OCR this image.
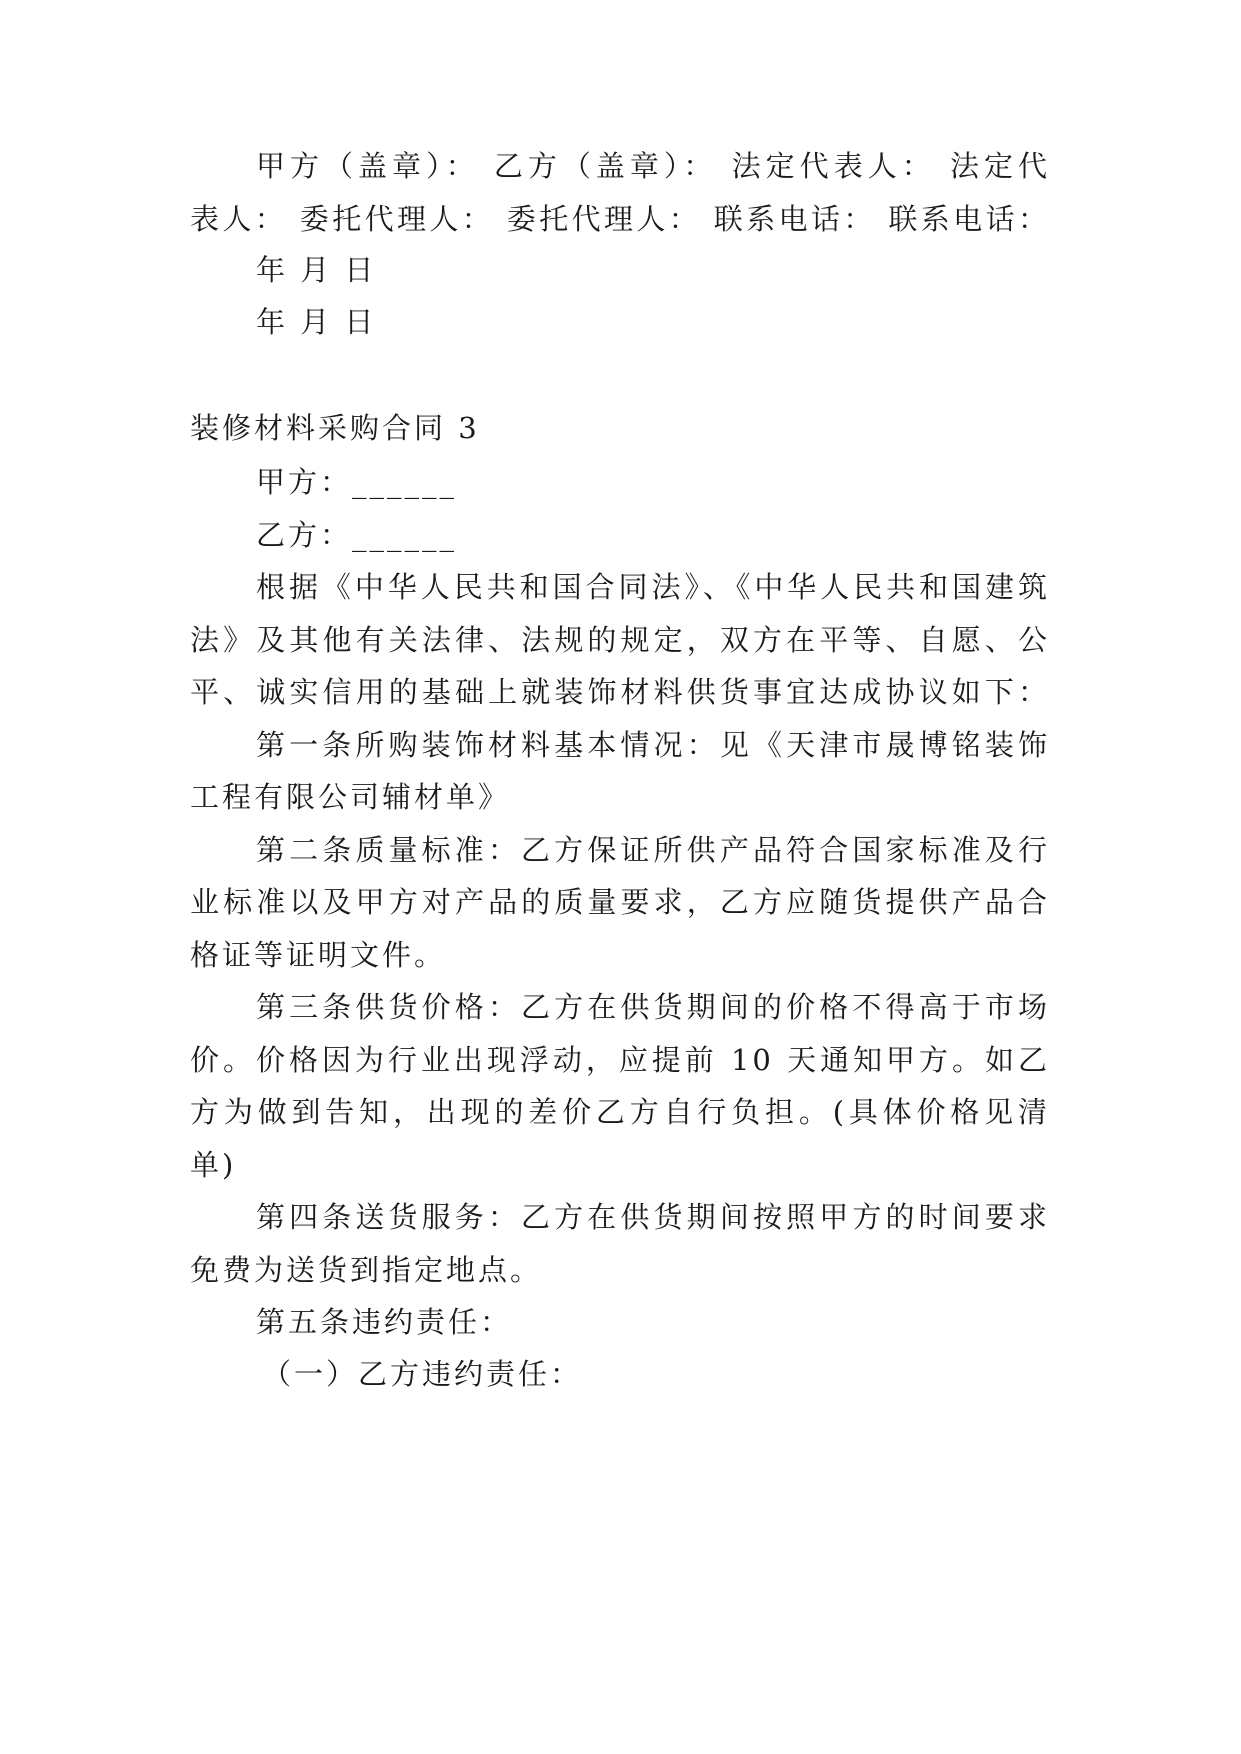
甲方（盖章）： 乙方（盖章）： 法定代表人： 法定代
表人： 委托代理人： 委托代理人： 联系电话： 联系电话：
年 月 日
年 月 日
装修材料采购合同 3
甲方：______
乙方：______
根据《中华人民共和国合同法》、《中华人民共和国建筑
法》及其他有关法律、法规的规定，双方在平等、自愿、公
平、诚实信用的基础上就装饰材料供货事宜达成协议如下：
第一条所购装饰材料基本情况：见《天津市晟博铭装饰
工程有限公司辅材单》
第二条质量标准：乙方保证所供产品符合国家标准及行
业标准以及甲方对产品的质量要求，乙方应随货提供产品合
格证等证明文件。
第三条供货价格：乙方在供货期间的价格不得高于市场
价。价格因为行业出现浮动，应提前 10 天通知甲方。如乙
方为做到告知，出现的差价乙方自行负担。(具体价格见清
单)
第四条送货服务：乙方在供货期间按照甲方的时间要求
免费为送货到指定地点。
第五条违约责任：
（一）乙方违约责任：
